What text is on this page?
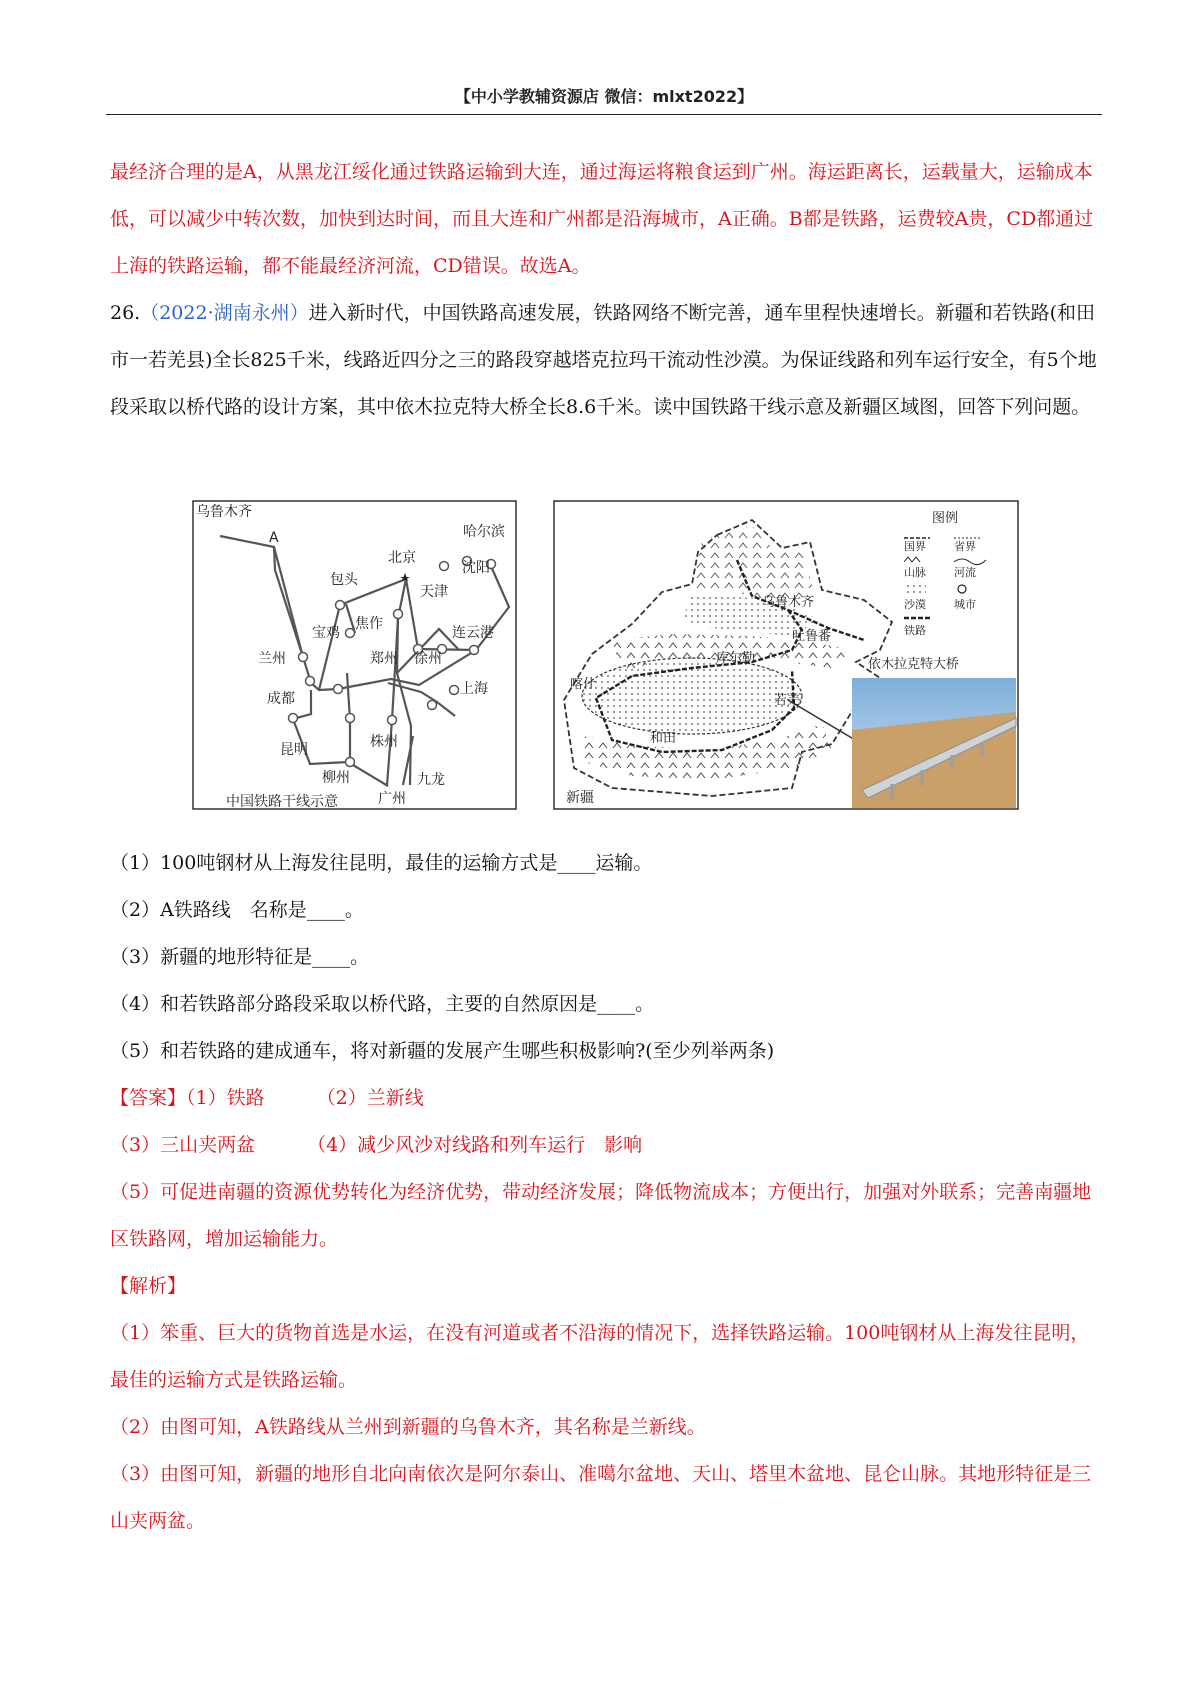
【中小学教辅资源店 微信：mlxt2022】

最经济合理的是A，从黑龙江绥化通过铁路运输到大连，通过海运将粮食运到广州。海运距离长，运载量大，运输成本低，可以减少中转次数，加快到达时间，而且大连和广州都是沿海城市，A正确。B都是铁路，运费较A贵，CD都通过上海的铁路运输，都不能最经济河流，CD错误。故选A。

26.（2022·湖南永州）进入新时代，中国铁路高速发展，铁路网络不断完善，通车里程快速增长。新疆和若铁路(和田市一若羌县)全长825千米，线路近四分之三的路段穿越塔克拉玛干流动性沙漠。为保证线路和列车运行安全，有5个地段采取以桥代路的设计方案，其中依木拉克特大桥全长8.6千米。读中国铁路干线示意及新疆区域图，回答下列问题。

乌鲁木齐
A
包头
北京
哈尔滨
沈阳
天津
兰州
宝鸡
焦作
连云港
郑州 徐州
成都
上海
昆明	株州
柳州	九龙
广州
中国铁路干线示意
乌鲁木齐
吐鲁番
库尔勒
喀什
若羌
和田
新疆
依木拉克特大桥
图例
国界	省界
山脉	河流
沙漠	城市
铁路

（1）100吨钢材从上海发往昆明，最佳的运输方式是____运输。

（2）A铁路线　名称是____。

（3）新疆的地形特征是____。

（4）和若铁路部分路段采取以桥代路，主要的自然原因是____。

（5）和若铁路的建成通车，将对新疆的发展产生哪些积极影响?(至少列举两条)

【答案】（1）铁路	（2）兰新线

（3）三山夹两盆	（4）减少风沙对线路和列车运行　影响

（5）可促进南疆的资源优势转化为经济优势，带动经济发展；降低物流成本；方便出行，加强对外联系；完善南疆地区铁路网，增加运输能力。

【解析】

（1）笨重、巨大的货物首选是水运，在没有河道或者不沿海的情况下，选择铁路运输。100吨钢材从上海发往昆明，最佳的运输方式是铁路运输。

（2）由图可知，A铁路线从兰州到新疆的乌鲁木齐，其名称是兰新线。

（3）由图可知，新疆的地形自北向南依次是阿尔泰山、准噶尔盆地、天山、塔里木盆地、昆仑山脉。其地形特征是三山夹两盆。
